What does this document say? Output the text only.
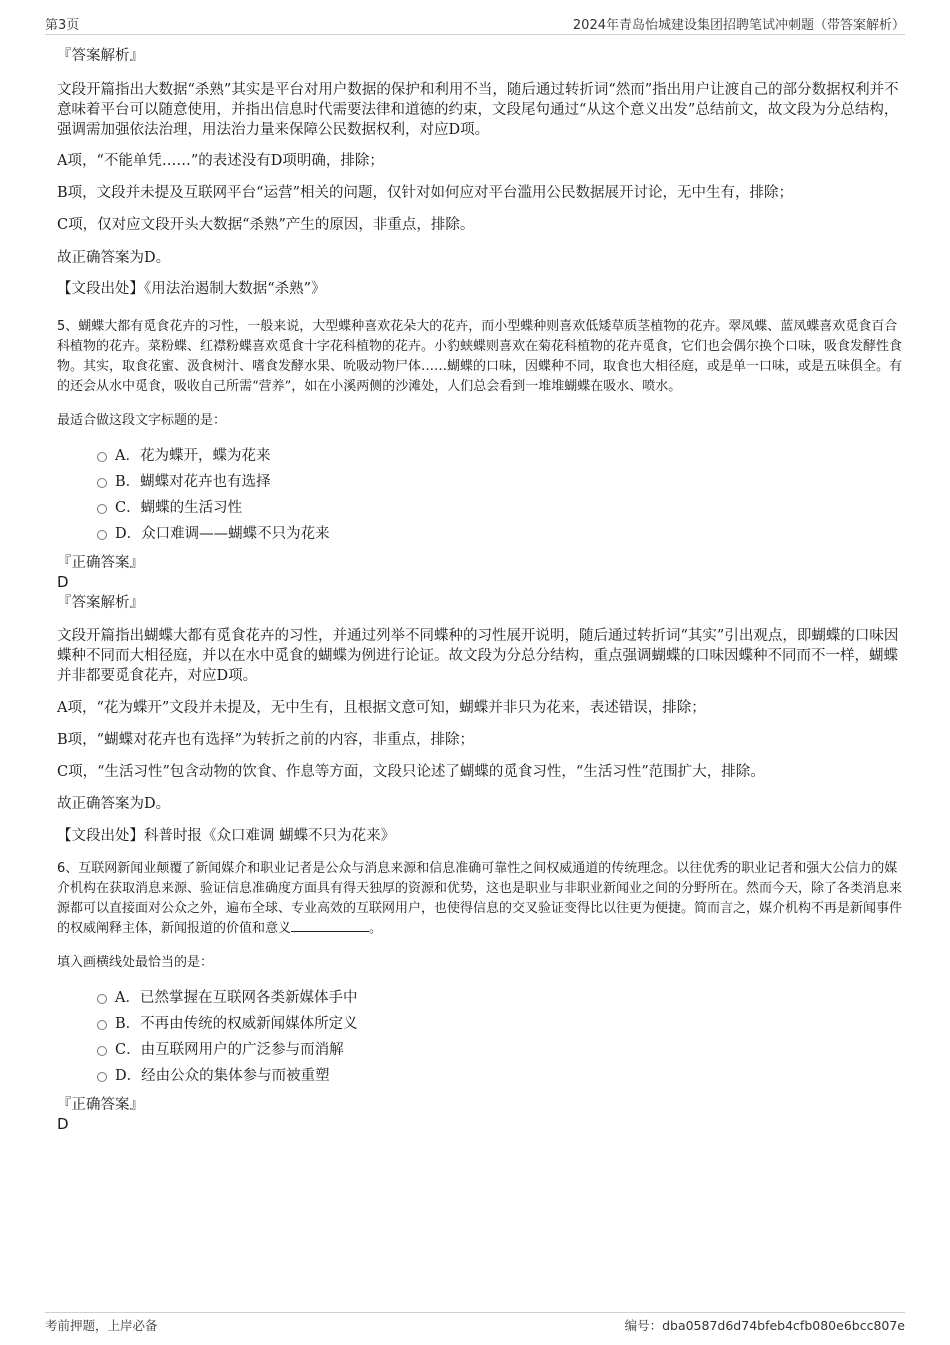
第3页	2024年青岛怡城建设集团招聘笔试冲刺题（带答案解析）

『答案解析』

文段开篇指出大数据“杀熟”其实是平台对用户数据的保护和利用不当，随后通过转折词“然而”指出用户让渡自己的部分数据权利并不意味着平台可以随意使用，并指出信息时代需要法律和道德的约束，文段尾句通过“从这个意义出发”总结前文，故文段为分总结构，强调需加强依法治理，用法治力量来保障公民数据权利，对应D项。

A项，“不能单凭……”的表述没有D项明确，排除；

B项，文段并未提及互联网平台“运营”相关的问题，仅针对如何应对平台滥用公民数据展开讨论，无中生有，排除；

C项，仅对应文段开头大数据“杀熟”产生的原因，非重点，排除。

故正确答案为D。

【文段出处】《用法治遏制大数据“杀熟”》

5、蝴蝶大都有觅食花卉的习性，一般来说，大型蝶种喜欢花朵大的花卉，而小型蝶种则喜欢低矮草质茎植物的花卉。翠凤蝶、蓝凤蝶喜欢觅食百合科植物的花卉。菜粉蝶、红襟粉蝶喜欢觅食十字花科植物的花卉。小豹蛱蝶则喜欢在菊花科植物的花卉觅食，它们也会偶尔换个口味，吸食发酵性食物。其实，取食花蜜、汲食树汁、嗜食发酵水果、吮吸动物尸体……蝴蝶的口味，因蝶种不同，取食也大相径庭，或是单一口味，或是五味俱全。有的还会从水中觅食，吸收自己所需“营养”，如在小溪两侧的沙滩处，人们总会看到一堆堆蝴蝶在吸水、喷水。

最适合做这段文字标题的是：

A．花为蝶开，蝶为花来
B．蝴蝶对花卉也有选择
C．蝴蝶的生活习性
D．众口难调——蝴蝶不只为花来

『正确答案』

D

『答案解析』

文段开篇指出蝴蝶大都有觅食花卉的习性，并通过列举不同蝶种的习性展开说明，随后通过转折词“其实”引出观点，即蝴蝶的口味因蝶种不同而大相径庭，并以在水中觅食的蝴蝶为例进行论证。故文段为分总分结构，重点强调蝴蝶的口味因蝶种不同而不一样，蝴蝶并非都要觅食花卉，对应D项。

A项，“花为蝶开”文段并未提及，无中生有，且根据文意可知，蝴蝶并非只为花来，表述错误，排除；

B项，“蝴蝶对花卉也有选择”为转折之前的内容，非重点，排除；

C项，“生活习性”包含动物的饮食、作息等方面，文段只论述了蝴蝶的觅食习性，“生活习性”范围扩大，排除。

故正确答案为D。

【文段出处】科普时报《众口难调 蝴蝶不只为花来》

6、互联网新闻业颠覆了新闻媒介和职业记者是公众与消息来源和信息准确可靠性之间权威通道的传统理念。以往优秀的职业记者和强大公信力的媒介机构在获取消息来源、验证信息准确度方面具有得天独厚的资源和优势，这也是职业与非职业新闻业之间的分野所在。然而今天，除了各类消息来源都可以直接面对公众之外，遍布全球、专业高效的互联网用户，也使得信息的交叉验证变得比以往更为便捷。简而言之，媒介机构不再是新闻事件的权威阐释主体，新闻报道的价值和意义	。

填入画横线处最恰当的是：

A．已然掌握在互联网各类新媒体手中
B．不再由传统的权威新闻媒体所定义
C．由互联网用户的广泛参与而消解
D．经由公众的集体参与而被重塑

『正确答案』

D

考前押题，上岸必备	编号：dba0587d6d74bfeb4cfb080e6bcc807e
